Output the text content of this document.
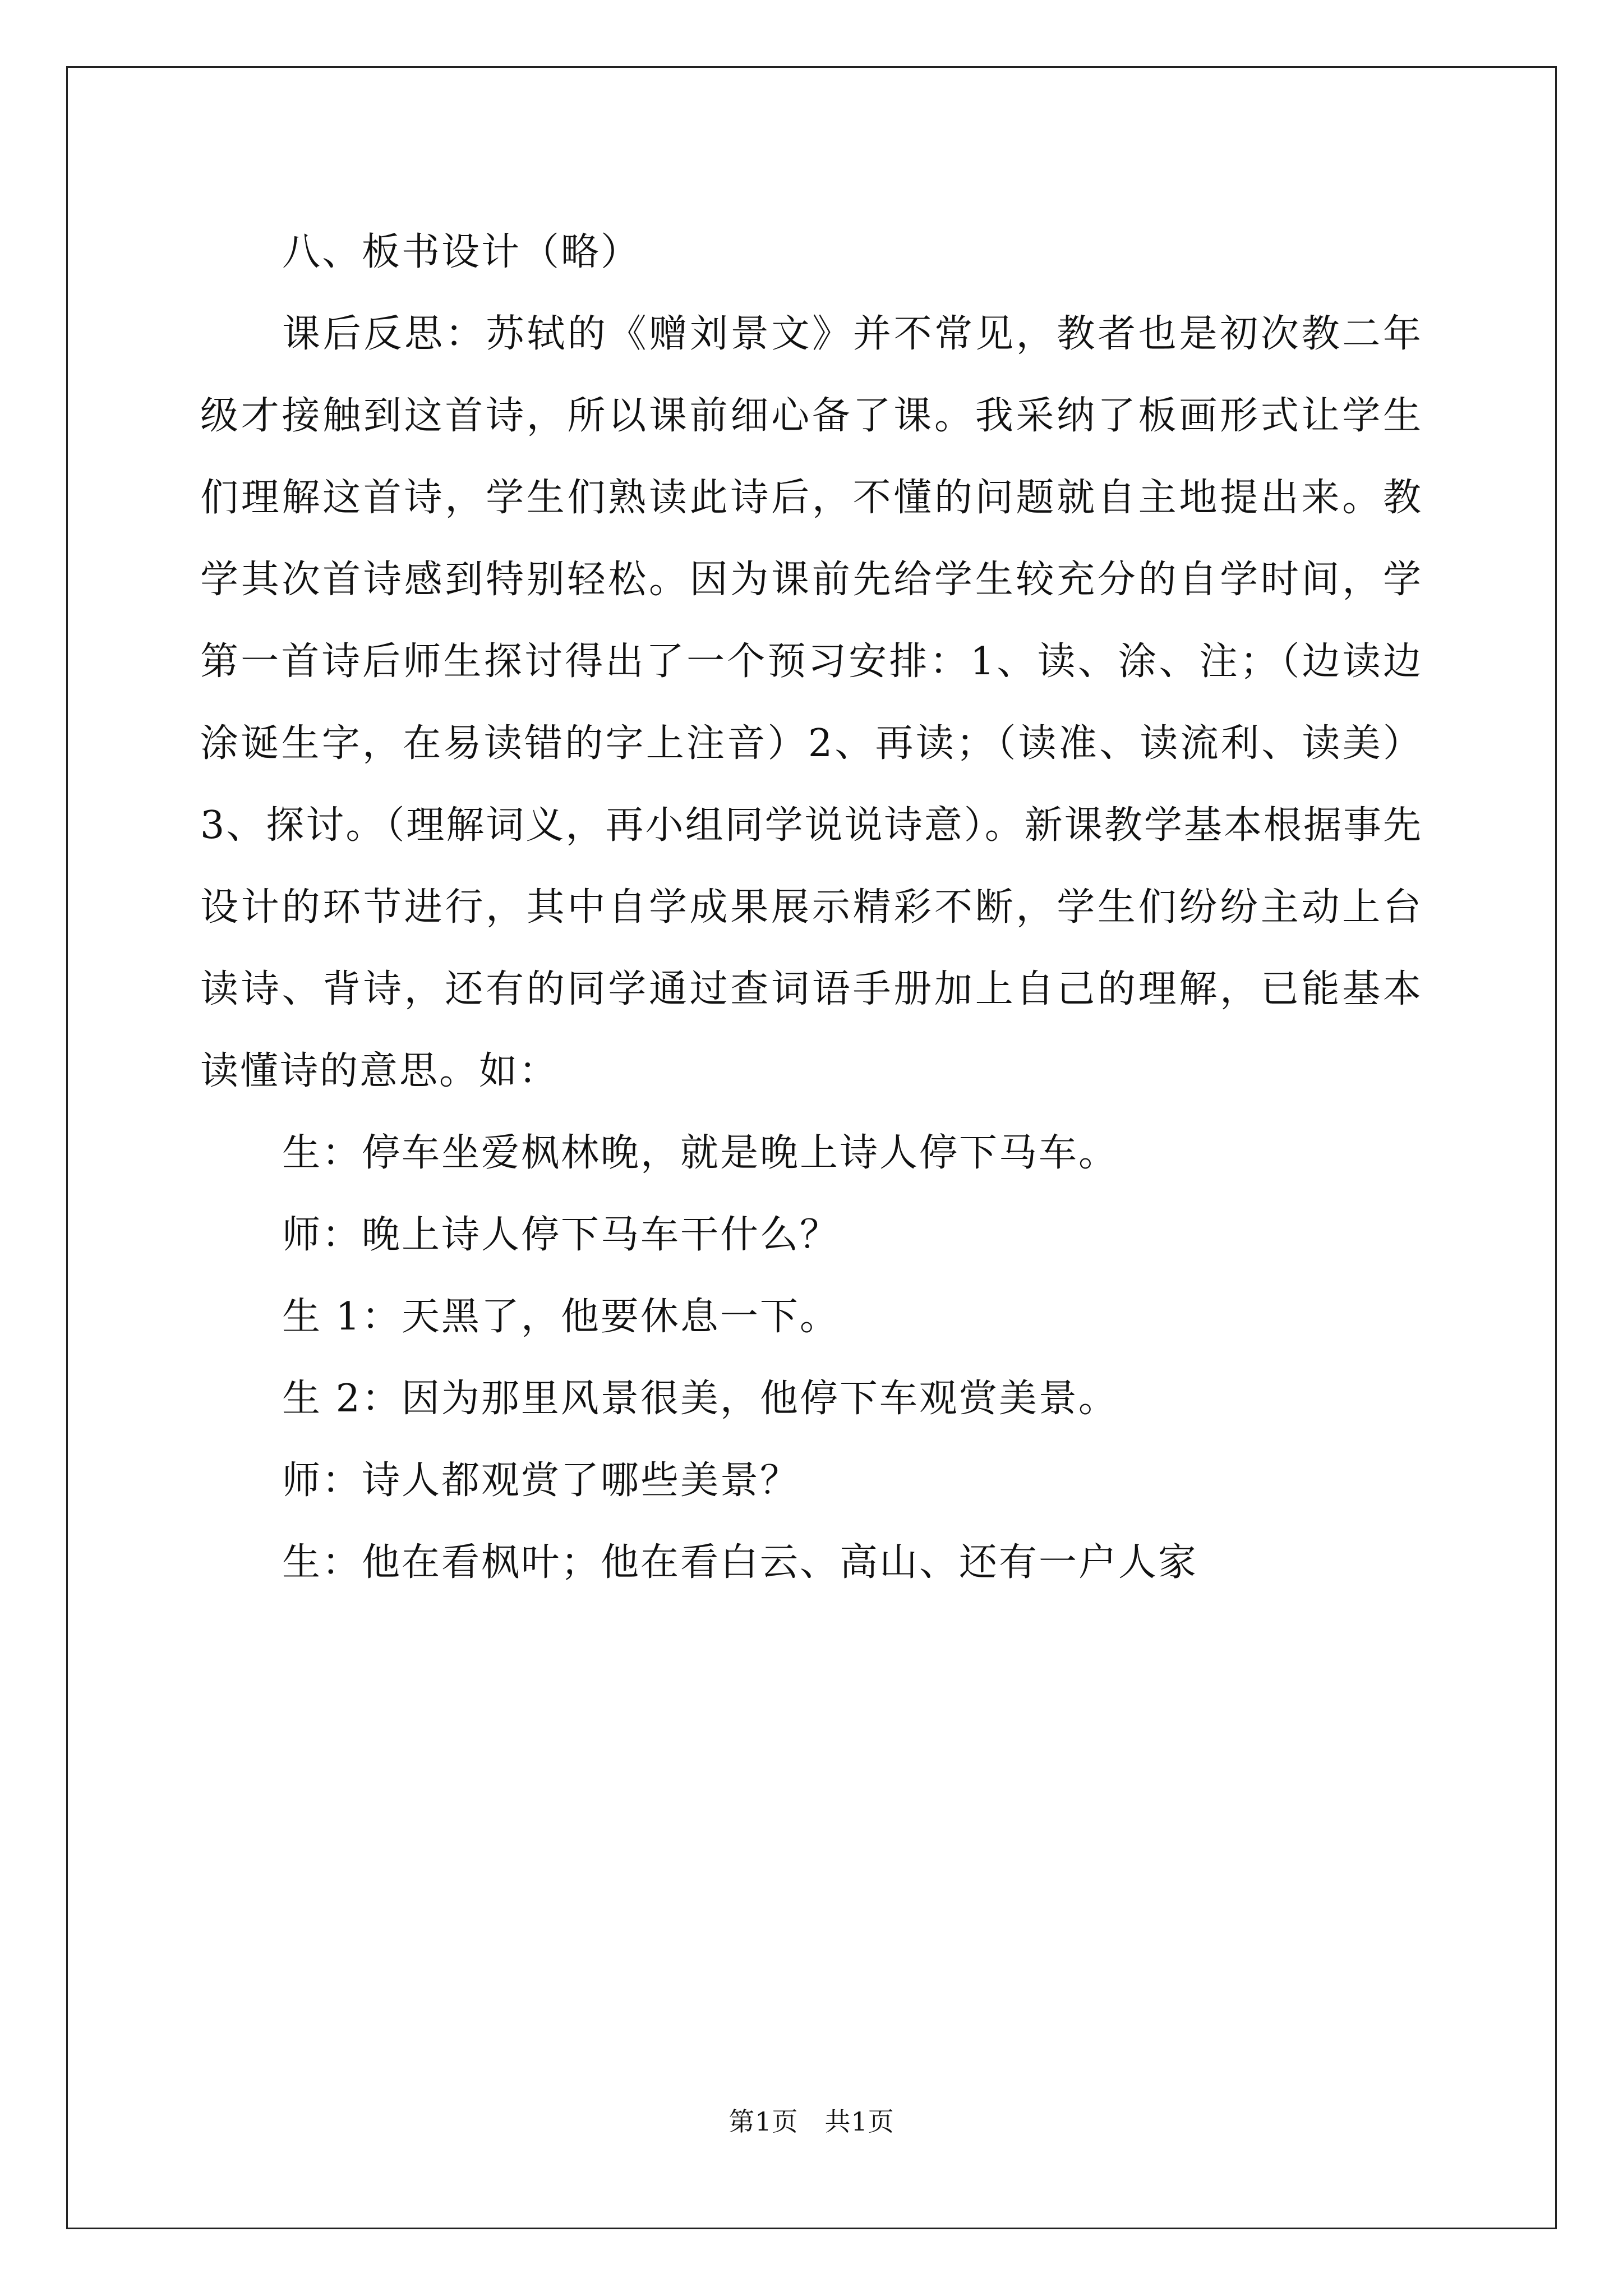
八、板书设计（略）

课后反思：苏轼的《赠刘景文》并不常见，教者也是初次教二年级才接触到这首诗，所以课前细心备了课。我采纳了板画形式让学生们理解这首诗，学生们熟读此诗后，不懂的问题就自主地提出来。教学其次首诗感到特别轻松。因为课前先给学生较充分的自学时间，学第一首诗后师生探讨得出了一个预习安排：1、读、涂、注；（边读边涂诞生字，在易读错的字上注音）2、再读；（读准、读流利、读美）3、探讨。（理解词义，再小组同学说说诗意）。新课教学基本根据事先设计的环节进行，其中自学成果展示精彩不断，学生们纷纷主动上台读诗、背诗，还有的同学通过查词语手册加上自己的理解，已能基本读懂诗的意思。如：

生：停车坐爱枫林晚，就是晚上诗人停下马车。

师：晚上诗人停下马车干什么？

生 1：天黑了，他要休息一下。

生 2：因为那里风景很美，他停下车观赏美景。

师：诗人都观赏了哪些美景？

生：他在看枫叶；他在看白云、高山、还有一户人家

第1页　共1页
